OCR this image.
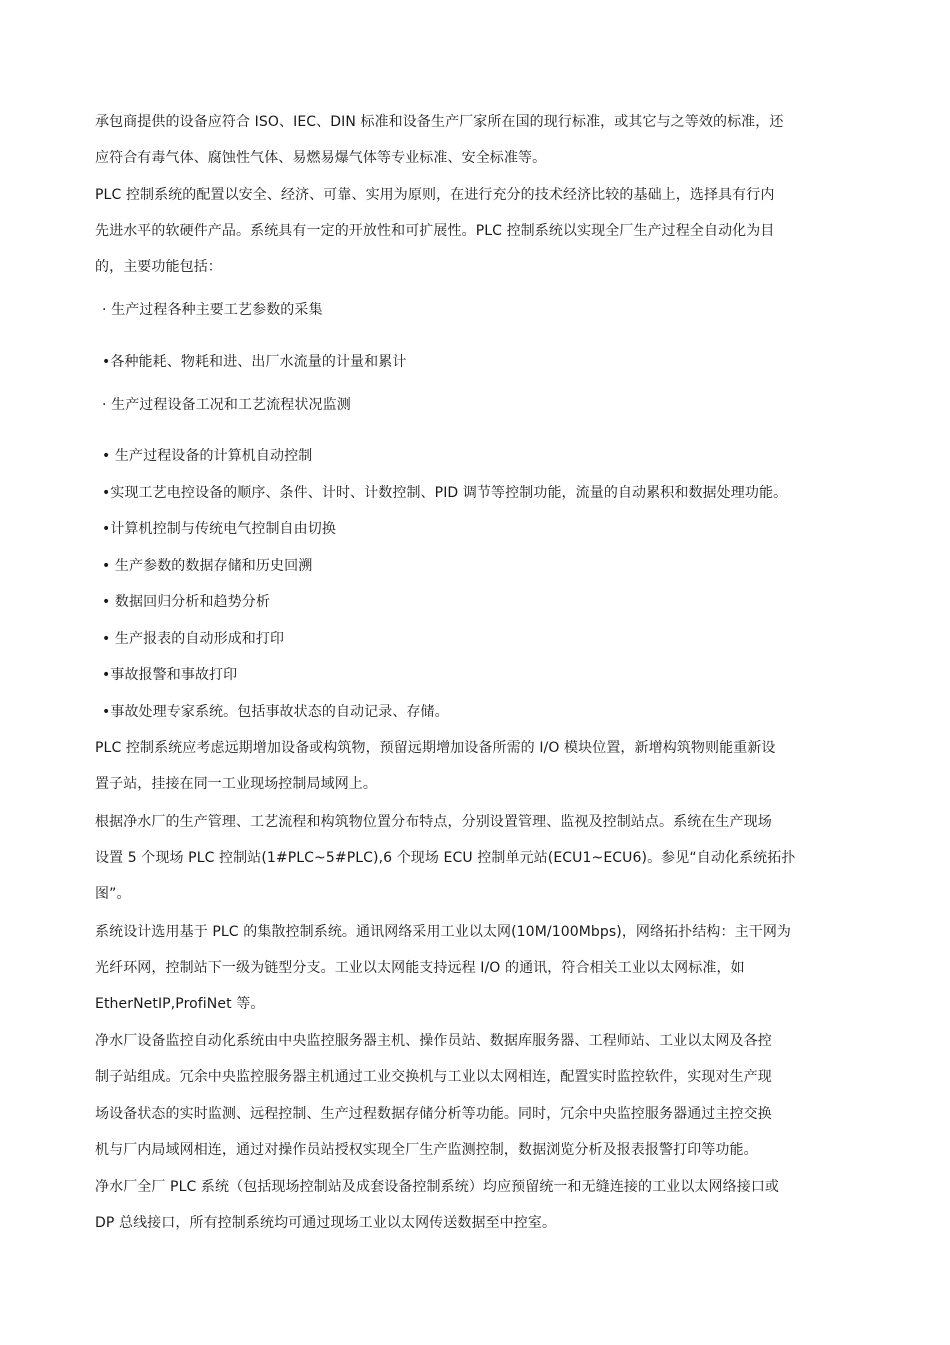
承包商提供的设备应符合 ISO、IEC、DIN 标准和设备生产厂家所在国的现行标准，或其它与之等效的标准，还
应符合有毒气体、腐蚀性气体、易燃易爆气体等专业标准、安全标准等。
PLC 控制系统的配置以安全、经济、可靠、实用为原则，在进行充分的技术经济比较的基础上，选择具有行内
先进水平的软硬件产品。系统具有一定的开放性和可扩展性。PLC 控制系统以实现全厂生产过程全自动化为目
的，主要功能包括：
· 生产过程各种主要工艺参数的采集
•各种能耗、物耗和进、出厂水流量的计量和累计
· 生产过程设备工况和工艺流程状况监测
• 生产过程设备的计算机自动控制
•实现工艺电控设备的顺序、条件、计时、计数控制、PID 调节等控制功能，流量的自动累积和数据处理功能。
•计算机控制与传统电气控制自由切换
• 生产参数的数据存储和历史回溯
• 数据回归分析和趋势分析
• 生产报表的自动形成和打印
•事故报警和事故打印
•事故处理专家系统。包括事故状态的自动记录、存储。
PLC 控制系统应考虑远期增加设备或构筑物，预留远期增加设备所需的 I/O 模块位置，新增构筑物则能重新设
置子站，挂接在同一工业现场控制局域网上。
根据净水厂的生产管理、工艺流程和构筑物位置分布特点，分别设置管理、监视及控制站点。系统在生产现场
设置 5 个现场 PLC 控制站(1#PLC~5#PLC),6 个现场 ECU 控制单元站(ECU1~ECU6)。参见“自动化系统拓扑
图”。
系统设计选用基于 PLC 的集散控制系统。通讯网络采用工业以太网(10M/100Mbps)，网络拓扑结构：主干网为
光纤环网，控制站下一级为链型分支。工业以太网能支持远程 I/O 的通讯，符合相关工业以太网标准，如
EtherNetIP,ProfiNet 等。
净水厂设备监控自动化系统由中央监控服务器主机、操作员站、数据库服务器、工程师站、工业以太网及各控
制子站组成。冗余中央监控服务器主机通过工业交换机与工业以太网相连，配置实时监控软件，实现对生产现
场设备状态的实时监测、远程控制、生产过程数据存储分析等功能。同时，冗余中央监控服务器通过主控交换
机与厂内局域网相连，通过对操作员站授权实现全厂生产监测控制，数据浏览分析及报表报警打印等功能。
净水厂全厂 PLC 系统（包括现场控制站及成套设备控制系统）均应预留统一和无缝连接的工业以太网络接口或
DP 总线接口，所有控制系统均可通过现场工业以太网传送数据至中控室。
